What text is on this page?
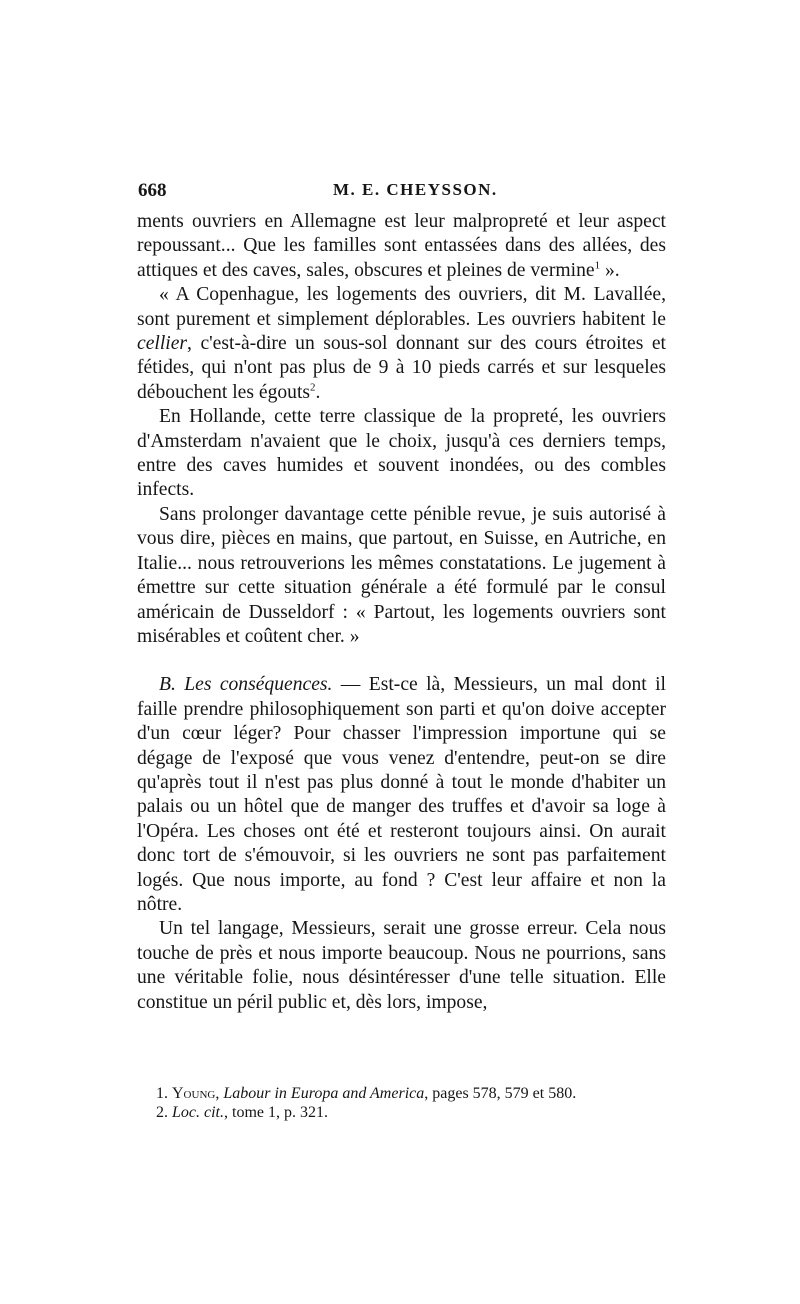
668	M. E. CHEYSSON.

ments ouvriers en Allemagne est leur malpropreté et leur aspect repoussant... Que les familles sont entassées dans des allées, des attiques et des caves, sales, obscures et pleines de vermine$^1$ ».

« A Copenhague, les logements des ouvriers, dit M. Lavallée, sont purement et simplement déplorables. Les ouvriers habitent le cellier, c'est-à-dire un sous-sol donnant sur des cours étroites et fétides, qui n'ont pas plus de 9 à 10 pieds carrés et sur lesqueles débouchent les égouts$^2$.

En Hollande, cette terre classique de la propreté, les ouvriers d'Amsterdam n'avaient que le choix, jusqu'à ces derniers temps, entre des caves humides et souvent inondées, ou des combles infects.

Sans prolonger davantage cette pénible revue, je suis autorisé à vous dire, pièces en mains, que partout, en Suisse, en Autriche, en Italie... nous retrouverions les mêmes constatations. Le jugement à émettre sur cette situation générale a été formulé par le consul américain de Dusseldorf : « Partout, les logements ouvriers sont misérables et coûtent cher. »

B. Les conséquences. — Est-ce là, Messieurs, un mal dont il faille prendre philosophiquement son parti et qu'on doive accepter d'un cœur léger? Pour chasser l'impression importune qui se dégage de l'exposé que vous venez d'entendre, peut-on se dire qu'après tout il n'est pas plus donné à tout le monde d'habiter un palais ou un hôtel que de manger des truffes et d'avoir sa loge à l'Opéra. Les choses ont été et resteront toujours ainsi. On aurait donc tort de s'émouvoir, si les ouvriers ne sont pas parfaitement logés. Que nous importe, au fond ? C'est leur affaire et non la nôtre.

Un tel langage, Messieurs, serait une grosse erreur. Cela nous touche de près et nous importe beaucoup. Nous ne pourrions, sans une véritable folie, nous désintéresser d'une telle situation. Elle constitue un péril public et, dès lors, impose,

1. Young, Labour in Europa and America, pages 578, 579 et 580.
2. Loc. cit., tome 1, p. 321.
